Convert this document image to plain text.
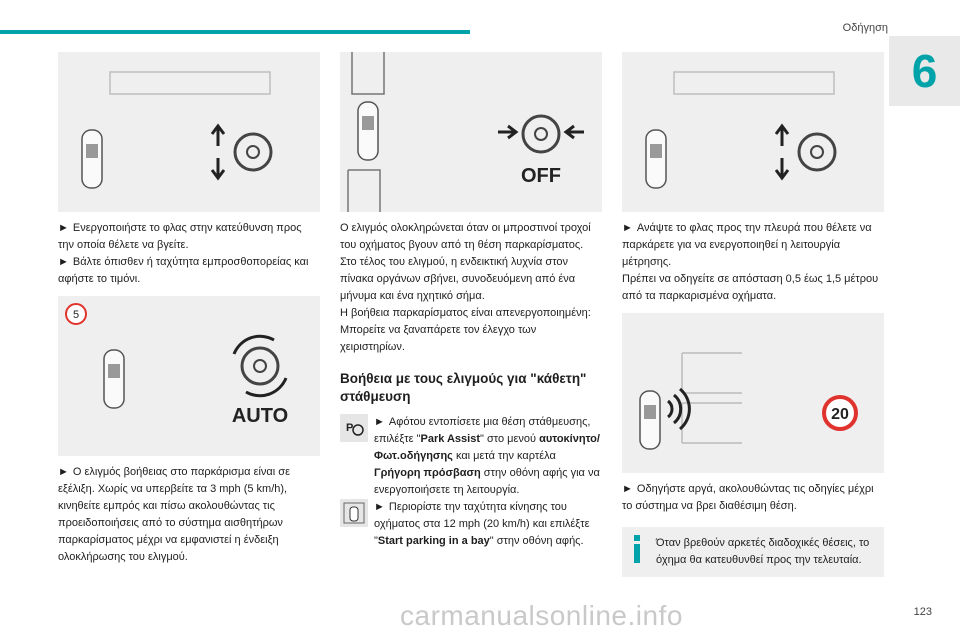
Οδήγηση
6

► Ενεργοποιήστε το φλας στην κατεύθυνση προς την οποία θέλετε να βγείτε.

► Βάλτε όπισθεν ή ταχύτητα εμπροσθοπορείας και αφήστε το τιμόνι.

5
AUTO

► Ο ελιγμός βοήθειας στο παρκάρισμα είναι σε εξέλιξη. Χωρίς να υπερβείτε τα 3 mph (5 km/h), κινηθείτε εμπρός και πίσω ακολουθώντας τις προειδοποιήσεις από το σύστημα αισθητήρων παρκαρίσματος μέχρι να εμφανιστεί η ένδειξη ολοκλήρωσης του ελιγμού.

OFF

Ο ελιγμός ολοκληρώνεται όταν οι μπροστινοί τροχοί του οχήματος βγουν από τη θέση παρκαρίσματος.

Στο τέλος του ελιγμού, η ενδεικτική λυχνία στον πίνακα οργάνων σβήνει, συνοδευόμενη από ένα μήνυμα και ένα ηχητικό σήμα.

Η βοήθεια παρκαρίσματος είναι απενεργοποιημένη: Μπορείτε να ξαναπάρετε τον έλεγχο των χειριστηρίων.

Βοήθεια με τους ελιγμούς για "κάθετη" στάθμευση
P ► Αφότου εντοπίσετε μια θέση στάθμευσης, επιλέξτε "Park Assist" στο μενού αυτοκίνητο/ Φωτ.οδήγησης και μετά την καρτέλα Γρήγορη πρόσβαση στην οθόνη αφής για να ενεργοποιήσετε τη λειτουργία.
► Περιορίστε την ταχύτητα κίνησης του οχήματος στα 12 mph (20 km/h) και επιλέξτε "Start parking in a bay" στην οθόνη αφής.

► Ανάψτε το φλας προς την πλευρά που θέλετε να παρκάρετε για να ενεργοποιηθεί η λειτουργία μέτρησης.

Πρέπει να οδηγείτε σε απόσταση 0,5 έως 1,5 μέτρου από τα παρκαρισμένα οχήματα.

20

► Οδηγήστε αργά, ακολουθώντας τις οδηγίες μέχρι το σύστημα να βρει διαθέσιμη θέση.

Όταν βρεθούν αρκετές διαδοχικές θέσεις, το όχημα θα κατευθυνθεί προς την τελευταία.
carmanualsonline.info	123
